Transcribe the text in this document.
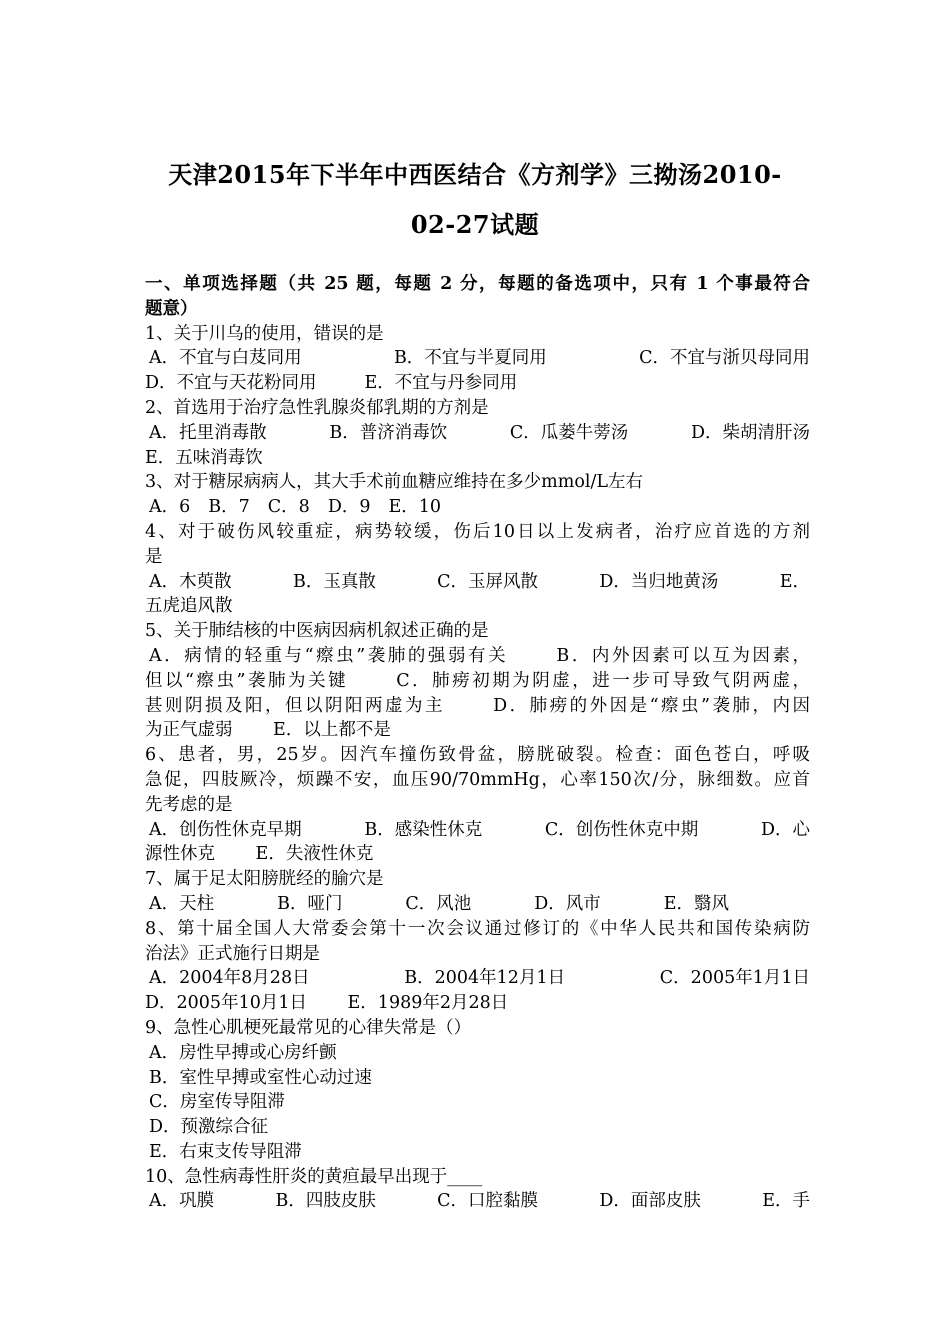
天津2015年下半年中西医结合《方剂学》三拗汤2010-
02-27试题

一、单项选择题（共 25 题，每题 2 分，每题的备选项中，只有 1 个事最符合

题意）

1、关于川乌的使用，错误的是

A．不宜与白芨同用	B．不宜与半夏同用	C．不宜与浙贝母同用

D．不宜与天花粉同用	E．不宜与丹参同用

2、首选用于治疗急性乳腺炎郁乳期的方剂是

A．托里消毒散	B．普济消毒饮	C．瓜蒌牛蒡汤	D．柴胡清肝汤

E．五味消毒饮

3、对于糖尿病病人，其大手术前血糖应维持在多少mmol/L左右

A．6 B．7 C．8 D．9 E．10

4、对于破伤风较重症，病势较缓，伤后10日以上发病者，治疗应首选的方剂

是

A．木萸散	B．玉真散	C．玉屏风散	D．当归地黄汤	E．

五虎追风散

5、关于肺结核的中医病因病机叙述正确的是

A．病情的轻重与“瘵虫”袭肺的强弱有关 　　B．内外因素可以互为因素，

但以“瘵虫”袭肺为关键 　　C．肺痨初期为阴虚，进一步可导致气阴两虚，

甚则阴损及阳，但以阴阳两虚为主 　　D．肺痨的外因是“瘵虫”袭肺，内因

为正气虚弱 　　E．以上都不是

6、患者，男，25岁。因汽车撞伤致骨盆，膀胱破裂。检查：面色苍白，呼吸

急促，四肢厥冷，烦躁不安，血压90/70mmHg，心率150次/分，脉细数。应首

先考虑的是

A．创伤性休克早期	B．感染性休克	C．创伤性休克中期	D．心

源性休克 　　E．失液性休克

7、属于足太阳膀胱经的腧穴是

A．天柱	B．哑门	C．风池	D．风市	E．翳风

8、第十届全国人大常委会第十一次会议通过修订的《中华人民共和国传染病防

治法》正式施行日期是

A．2004年8月28日	B．2004年12月1日	C．2005年1月1日

D．2005年10月1日 　　E．1989年2月28日

9、急性心肌梗死最常见的心律失常是（）

A．房性早搏或心房纤颤

B．室性早搏或室性心动过速

C．房室传导阻滞

D．预激综合征

E．右束支传导阻滞

10、急性病毒性肝炎的黄疸最早出现于____

A．巩膜	B．四肢皮肤	C．口腔黏膜	D．面部皮肤	E．手
